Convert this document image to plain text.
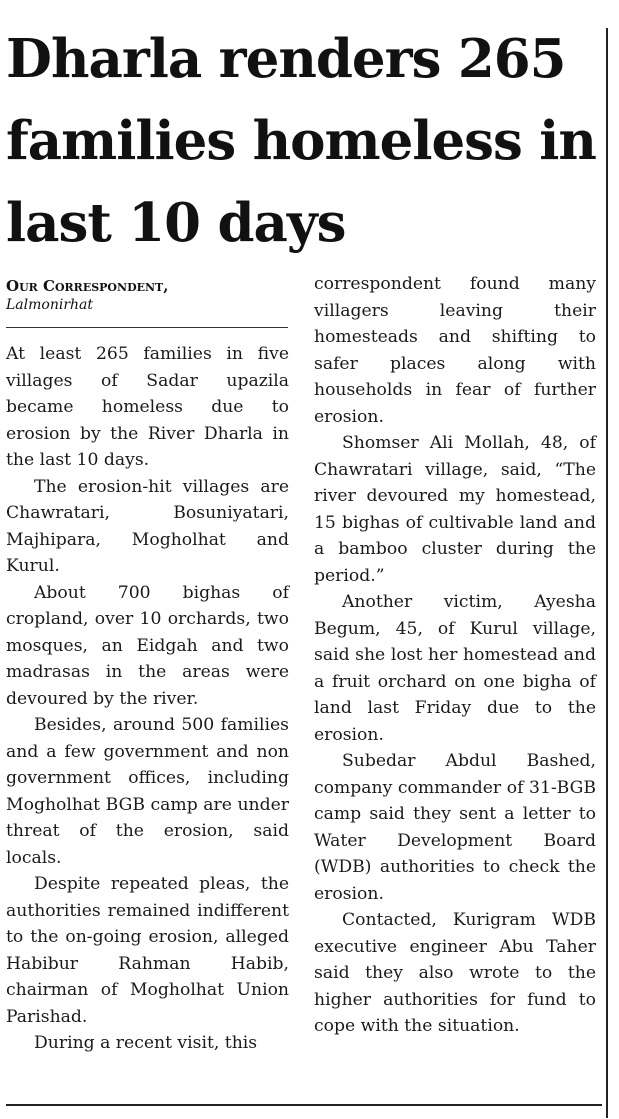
Dharla renders 265 families homeless in last 10 days
Our Correspondent,
Lalmonirhat

At least 265 families in five villages of Sadar upazila became homeless due to erosion by the River Dharla in the last 10 days.

The erosion-hit villages are Chawratari, Bosuniyatari, Majhipara, Mogholhat and Kurul.

About 700 bighas of cropland, over 10 orchards, two mosques, an Eidgah and two madrasas in the areas were devoured by the river.

Besides, around 500 families and a few government and non government offices, including Mogholhat BGB camp are under threat of the erosion, said locals.

Despite repeated pleas, the authorities remained indifferent to the on-going erosion, alleged Habibur Rahman Habib, chairman of Mogholhat Union Parishad.

During a recent visit, this

correspondent found many villagers leaving their homesteads and shifting to safer places along with households in fear of further erosion.

Shomser Ali Mollah, 48, of Chawratari village, said, “The river devoured my homestead, 15 bighas of cultivable land and a bamboo cluster during the period.”

Another victim, Ayesha Begum, 45, of Kurul village, said she lost her homestead and a fruit orchard on one bigha of land last Friday due to the erosion.

Subedar Abdul Bashed, company commander of 31-BGB camp said they sent a letter to Water Development Board (WDB) authorities to check the erosion.

Contacted, Kurigram WDB executive engineer Abu Taher said they also wrote to the higher authorities for fund to cope with the situation.
